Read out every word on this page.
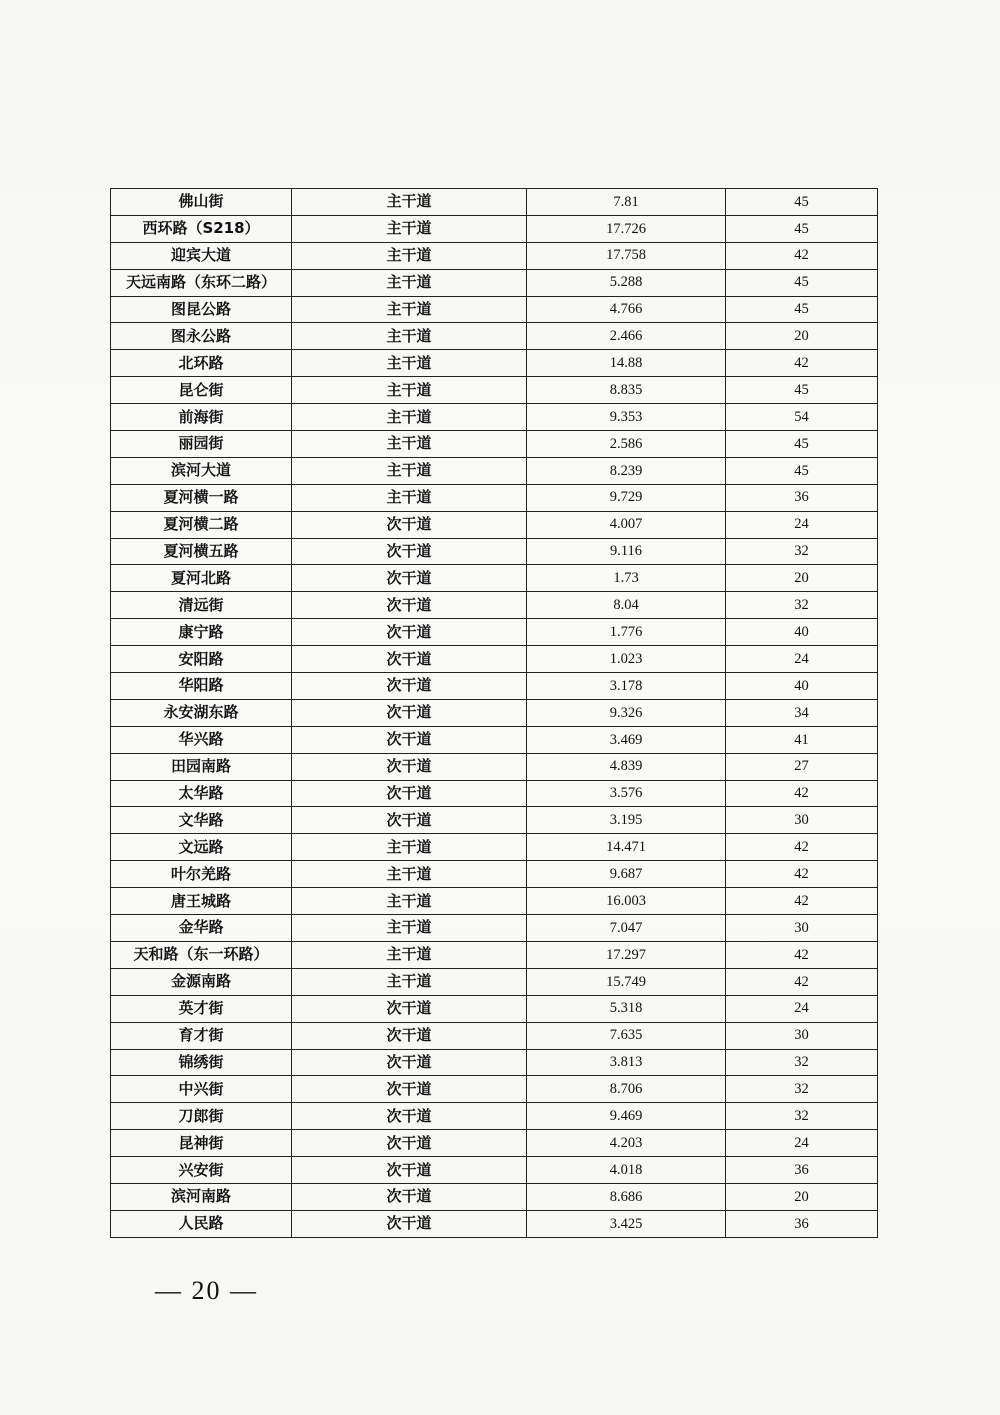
佛山街	主干道	7.81	45
西环路（S218）	主干道	17.726	45
迎宾大道	主干道	17.758	42
天远南路（东环二路）	主干道	5.288	45
图昆公路	主干道	4.766	45
图永公路	主干道	2.466	20
北环路	主干道	14.88	42
昆仑街	主干道	8.835	45
前海街	主干道	9.353	54
丽园街	主干道	2.586	45
滨河大道	主干道	8.239	45
夏河横一路	主干道	9.729	36
夏河横二路	次干道	4.007	24
夏河横五路	次干道	9.116	32
夏河北路	次干道	1.73	20
清远街	次干道	8.04	32
康宁路	次干道	1.776	40
安阳路	次干道	1.023	24
华阳路	次干道	3.178	40
永安湖东路	次干道	9.326	34
华兴路	次干道	3.469	41
田园南路	次干道	4.839	27
太华路	次干道	3.576	42
文华路	次干道	3.195	30
文远路	主干道	14.471	42
叶尔羌路	主干道	9.687	42
唐王城路	主干道	16.003	42
金华路	主干道	7.047	30
天和路（东一环路）	主干道	17.297	42
金源南路	主干道	15.749	42
英才街	次干道	5.318	24
育才街	次干道	7.635	30
锦绣街	次干道	3.813	32
中兴街	次干道	8.706	32
刀郎街	次干道	9.469	32
昆神街	次干道	4.203	24
兴安街	次干道	4.018	36
滨河南路	次干道	8.686	20
人民路	次干道	3.425	36
— 20 —
